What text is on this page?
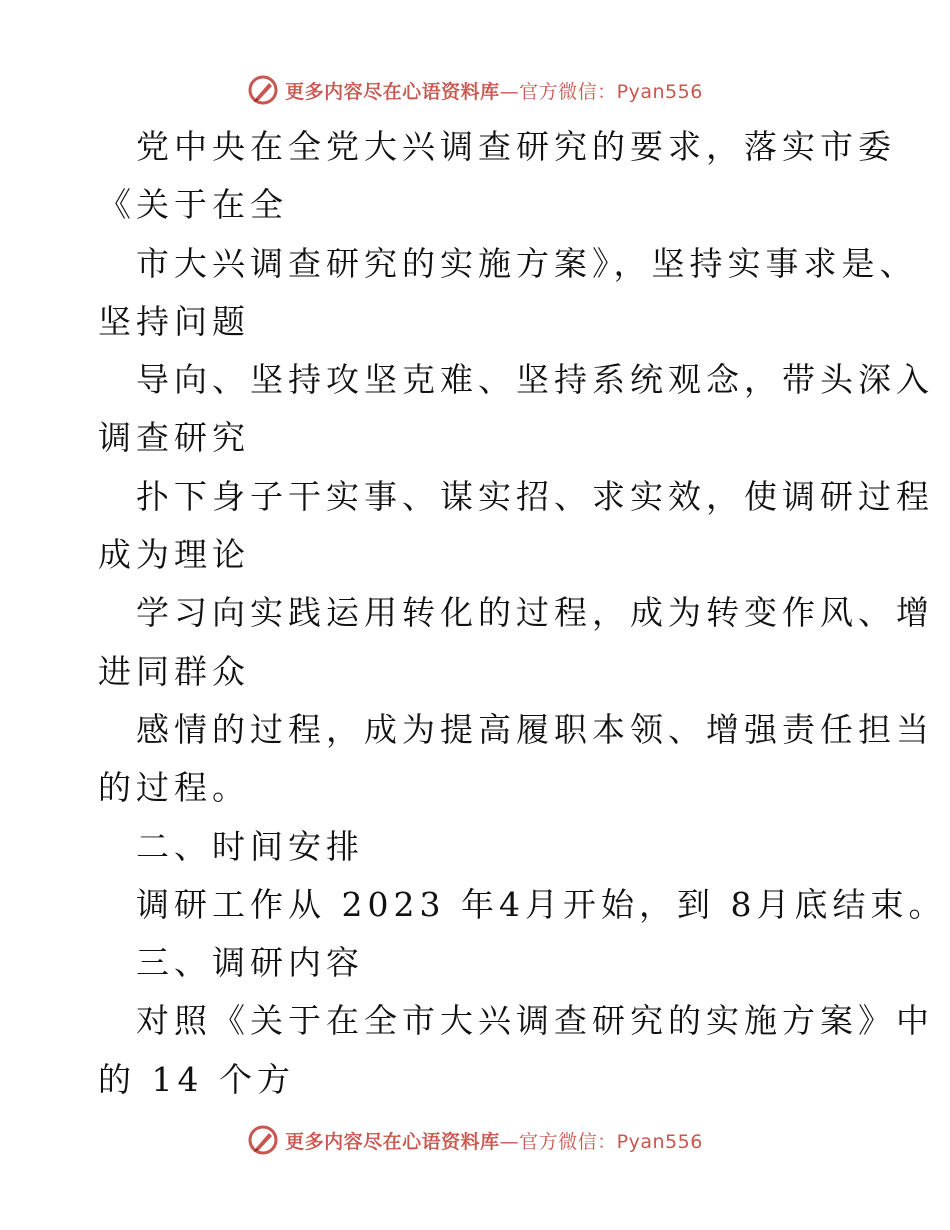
更多内容尽在心语资料库—官方微信：Pyan556
党中央在全党大兴调查研究的要求，落实市委
《关于在全
市大兴调查研究的实施方案》，坚持实事求是、
坚持问题
导向、坚持攻坚克难、坚持系统观念，带头深入
调查研究
扑下身子干实事、谋实招、求实效，使调研过程
成为理论
学习向实践运用转化的过程，成为转变作风、增
进同群众
感情的过程，成为提高履职本领、增强责任担当
的过程。
二、时间安排
调研工作从 2023 年4月开始，到 8月底结束。
三、调研内容
对照《关于在全市大兴调查研究的实施方案》中
的 14 个方
更多内容尽在心语资料库—官方微信：Pyan556
